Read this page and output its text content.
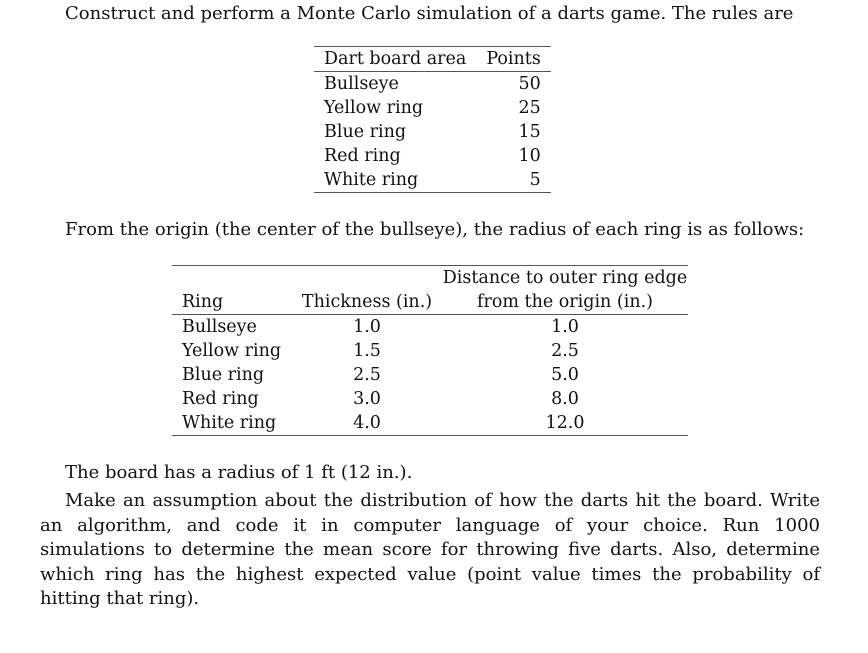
Construct and perform a Monte Carlo simulation of a darts game. The rules are
Dart board area	Points
Bullseye	50
Yellow ring	25
Blue ring	15
Red ring	10
White ring	5
From the origin (the center of the bullseye), the radius of each ring is as follows:
		Distance to outer ring edge
Ring	Thickness (in.)	from the origin (in.)
Bullseye	1.0	1.0
Yellow ring	1.5	2.5
Blue ring	2.5	5.0
Red ring	3.0	8.0
White ring	4.0	12.0
The board has a radius of 1 ft (12 in.).
Make an assumption about the distribution of how the darts hit the board. Write an algorithm, and code it in computer language of your choice. Run 1000 simulations to determine the mean score for throwing five darts. Also, determine which ring has the highest expected value (point value times the probability of hitting that ring).
